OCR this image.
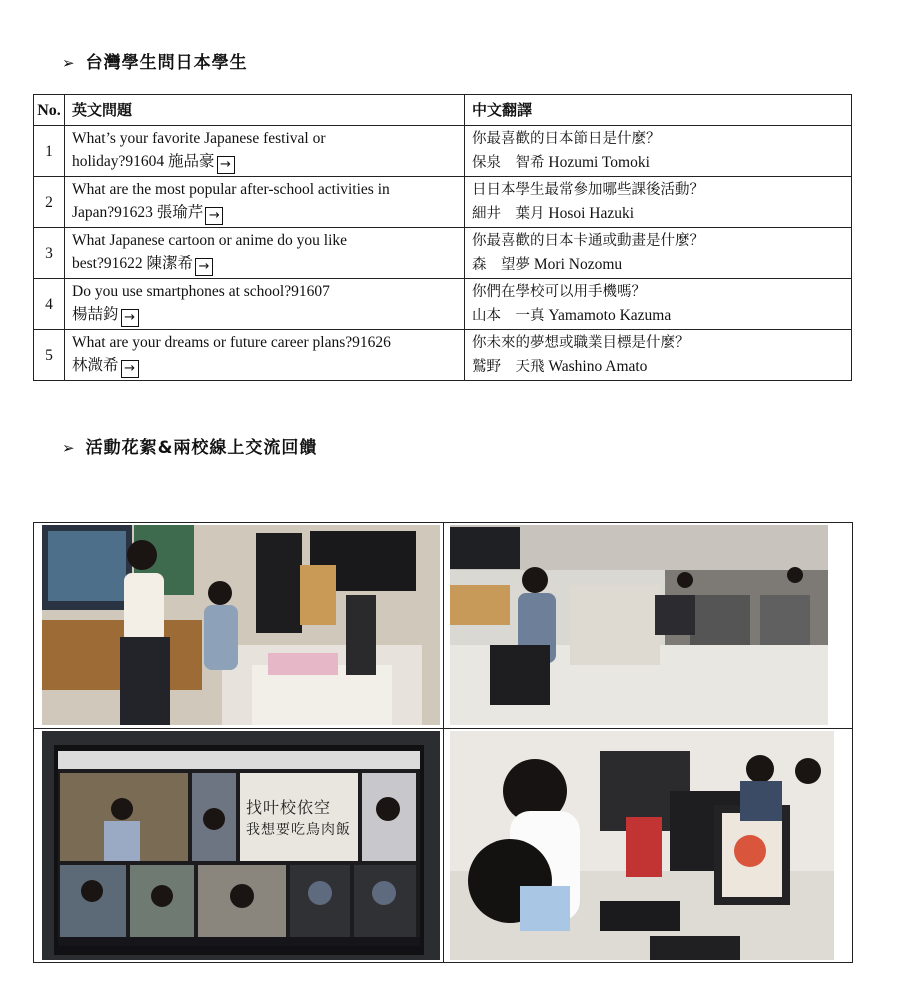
➢ 台灣學生問日本學生
No.	英文問題	中文翻譯
1	What’s your favorite Japanese festival or
holiday?91604 施品豪 →	你最喜歡的日本節日是什麼？
保泉　智希 Hozumi Tomoki
2	What are the most popular after-school activities in
Japan?91623 張瑜芹 →	日日本學生最常參加哪些課後活動？
細井　葉月 Hosoi Hazuki
3	What Japanese cartoon or anime do you like
best?91622 陳潔希 →	你最喜歡的日本卡通或動畫是什麼？
森　望夢 Mori Nozomu
4	Do you use smartphones at school?91607
楊喆鈞 →	你們在學校可以用手機嗎？
山本　一真 Yamamoto Kazuma
5	What are your dreams or future career plans?91626
林溦希 →	你未來的夢想或職業目標是什麼？
鷲野　天飛 Washino Amato
➢ 活動花絮&兩校線上交流回饋
找叶校依空
我想要吃鳥肉飯
